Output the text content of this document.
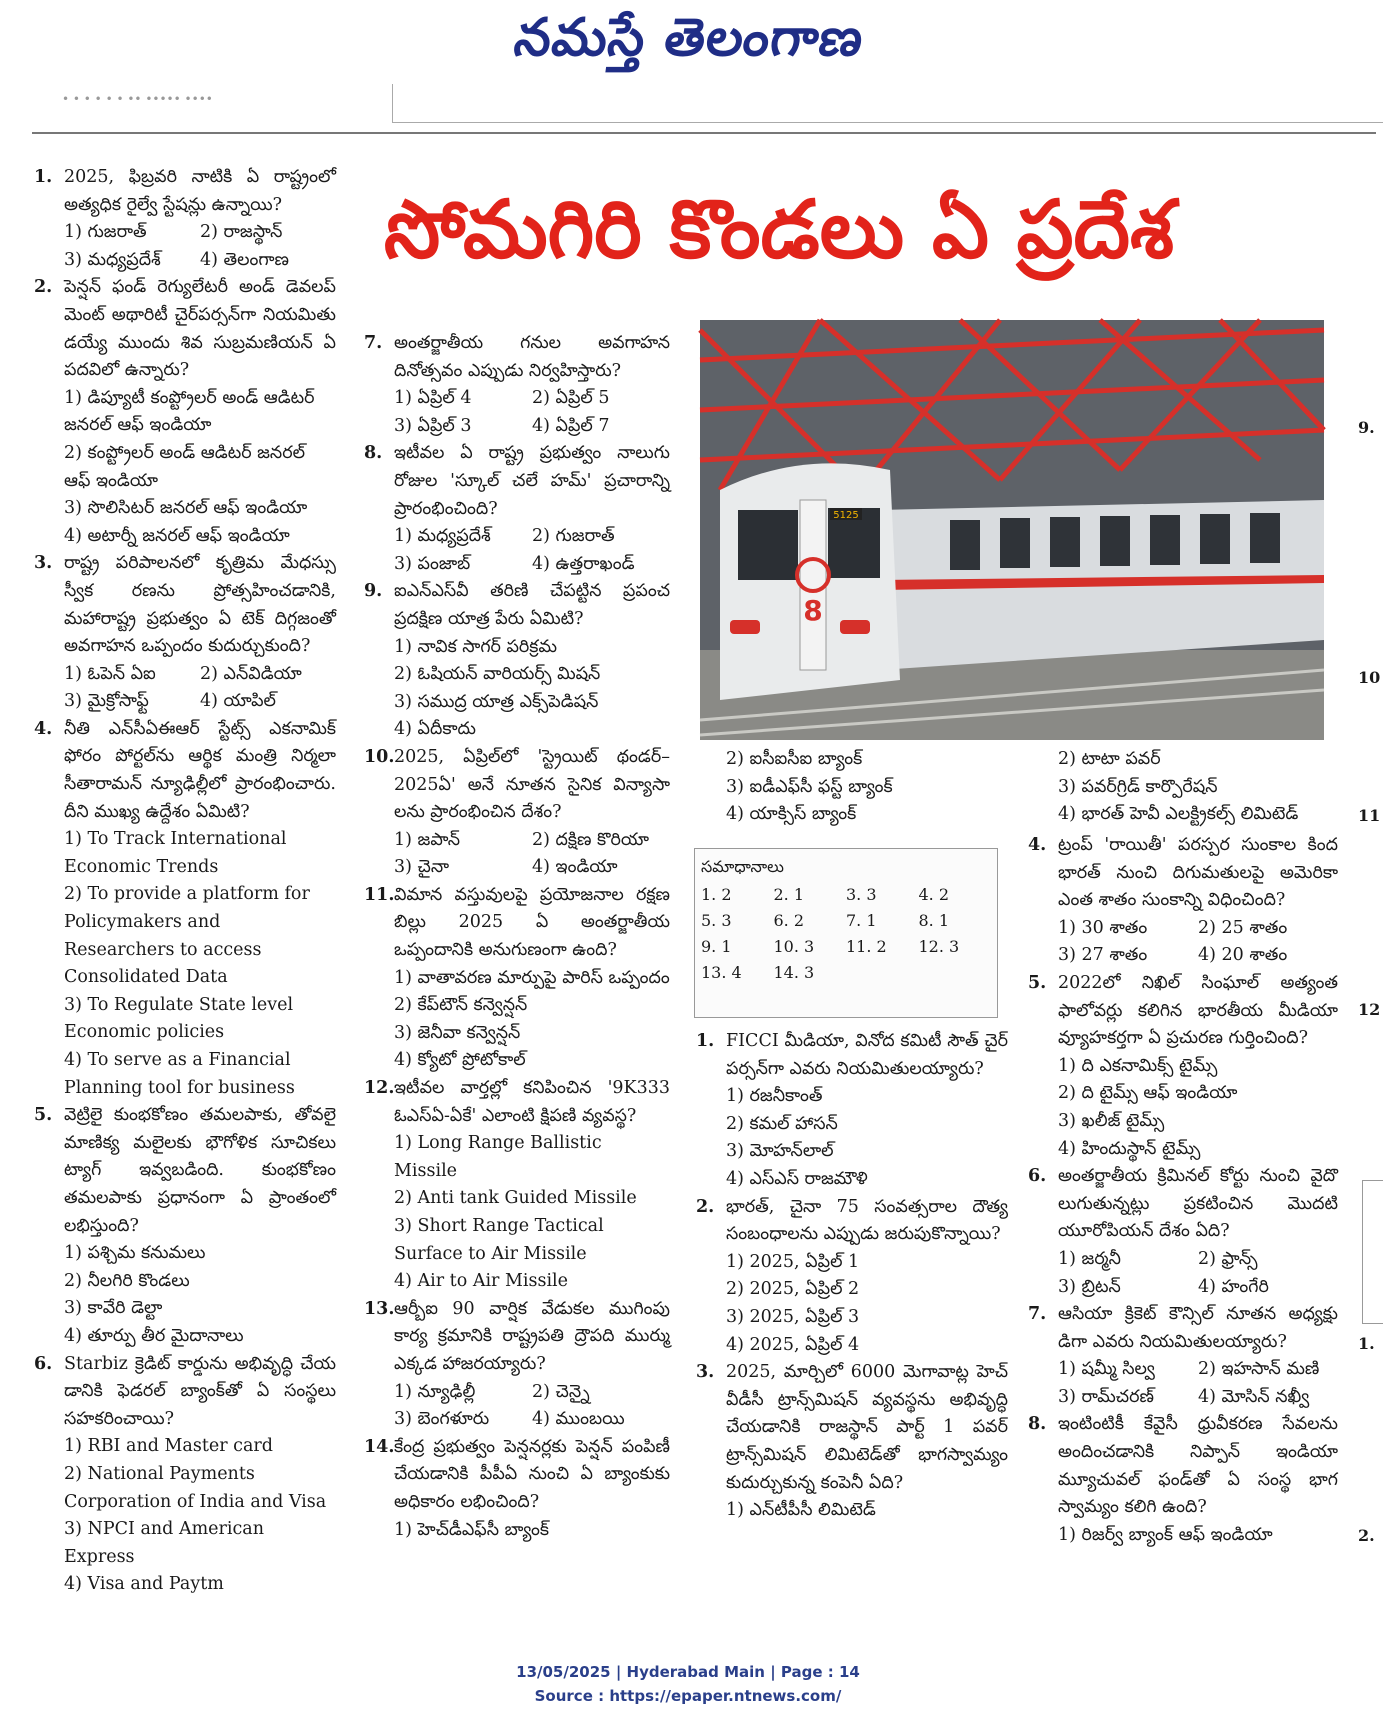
నమస్తే తెలంగాణ
• • • • • • •• ••••• ••••
సోమగిరి కొండలు ఏ ప్రదేశ
1. 2025, ఫిబ్రవరి నాటికి ఏ రాష్ట్రంలో అత్యధిక రైల్వే స్టేషన్లు ఉన్నాయి?
1) గుజరాత్	2) రాజస్థాన్
3) మధ్యప్రదేశ్	4) తెలంగాణ
2. పెన్షన్ ఫండ్ రెగ్యులేటరీ అండ్ డెవలప్ మెంట్ అథారిటీ చైర్‌పర్సన్‌గా నియమితు డయ్యే ముందు శివ సుబ్రమణియన్ ఏ పదవిలో ఉన్నారు?
1) డిప్యూటీ కంప్ట్రోలర్ అండ్ ఆడిటర్ జనరల్ ఆఫ్ ఇండియా
2) కంప్ట్రోలర్ అండ్ ఆడిటర్ జనరల్ ఆఫ్ ఇండియా
3) సొలిసిటర్ జనరల్ ఆఫ్ ఇండియా
4) అటార్నీ జనరల్ ఆఫ్ ఇండియా
3. రాష్ట్ర పరిపాలనలో కృత్రిమ మేధస్సు స్వీక రణను ప్రోత్సహించడానికి, మహారాష్ట్ర ప్రభుత్వం ఏ టెక్ దిగ్గజంతో అవగాహన ఒప్పందం కుదుర్చుకుంది?
1) ఓపెన్ ఏఐ	2) ఎన్‌విడియా
3) మైక్రోసాఫ్ట్	4) యాపిల్
4. నీతి ఎన్‌సీఏఈఆర్ స్టేట్స్ ఎకనామిక్ ఫోరం పోర్టల్‌ను ఆర్థిక మంత్రి నిర్మలా సీతారామన్ న్యూఢిల్లీలో ప్రారంభించారు. దీని ముఖ్య ఉద్దేశం ఏమిటి?
1) To Track International Economic Trends
2) To provide a platform for Policymakers and Researchers to access Consolidated Data
3) To Regulate State level Economic policies
4) To serve as a Financial Planning tool for business
5. వెట్రిలై కుంభకోణం తమలపాకు, తోవలై మాణిక్య మలైలకు భౌగోళిక సూచికలు ట్యాగ్ ఇవ్వబడింది. కుంభకోణం తమలపాకు ప్రధానంగా ఏ ప్రాంతంలో లభిస్తుంది?
1) పశ్చిమ కనుమలు
2) నీలగిరి కొండలు
3) కావేరి డెల్టా
4) తూర్పు తీర మైదానాలు
6. Starbiz క్రెడిట్ కార్డును అభివృద్ధి చేయ డానికి ఫెడరల్ బ్యాంక్‌తో ఏ సంస్థలు సహకరించాయి?
1) RBI and Master card
2) National Payments Corporation of India and Visa
3) NPCI and American Express
4) Visa and Paytm
7. అంతర్జాతీయ గనుల అవగాహన దినోత్సవం ఎప్పుడు నిర్వహిస్తారు?
1) ఏప్రిల్ 4	2) ఏప్రిల్ 5
3) ఏప్రిల్ 3	4) ఏప్రిల్ 7
8. ఇటీవల ఏ రాష్ట్ర ప్రభుత్వం నాలుగు రోజుల 'స్కూల్ చలే హమ్' ప్రచారాన్ని ప్రారంభించింది?
1) మధ్యప్రదేశ్	2) గుజరాత్
3) పంజాబ్	4) ఉత్తరాఖండ్
9. ఐఎన్ఎస్‌వీ తరిణి చేపట్టిన ప్రపంచ ప్రదక్షిణ యాత్ర పేరు ఏమిటి?
1) నావిక సాగర్ పరిక్రమ
2) ఓషియన్ వారియర్స్ మిషన్
3) సముద్ర యాత్ర ఎక్స్‌పెడిషన్
4) ఏదీకాదు
10. 2025, ఏప్రిల్‌లో 'స్ట్రెయిట్ థండర్–2025ఏ' అనే నూతన సైనిక విన్యాసా లను ప్రారంభించిన దేశం?
1) జపాన్	2) దక్షిణ కొరియా
3) చైనా	4) ఇండియా
11. విమాన వస్తువులపై ప్రయోజనాల రక్షణ బిల్లు 2025 ఏ అంతర్జాతీయ ఒప్పందానికి అనుగుణంగా ఉంది?
1) వాతావరణ మార్పుపై పారిస్ ఒప్పందం
2) కేప్‌టౌన్ కన్వెన్షన్
3) జెనీవా కన్వెన్షన్
4) క్యోటో ప్రోటోకాల్
12. ఇటీవల వార్తల్లో కనిపించిన '9K333 ఓఎస్ఏ-ఏకే' ఎలాంటి క్షిపణి వ్యవస్థ?
1) Long Range Ballistic Missile
2) Anti tank Guided Missile
3) Short Range Tactical Surface to Air Missile
4) Air to Air Missile
13. ఆర్బీఐ 90 వార్షిక వేడుకల ముగింపు కార్య క్రమానికి రాష్ట్రపతి ద్రౌపది ముర్ము ఎక్కడ హాజరయ్యారు?
1) న్యూఢిల్లీ	2) చెన్నై
3) బెంగళూరు	4) ముంబయి
14. కేంద్ర ప్రభుత్వం పెన్షనర్లకు పెన్షన్ పంపిణీ చేయడానికి పీపీఏ నుంచి ఏ బ్యాంకుకు అధికారం లభించింది?
1) హెచ్‌డీఎఫ్‌సీ బ్యాంక్
5125
8
2) ఐసీఐసీఐ బ్యాంక్
3) ఐడీఎఫ్‌సీ ఫస్ట్ బ్యాంక్
4) యాక్సిస్ బ్యాంక్
సమాధానాలు
1. 2	2. 1	3. 3	4. 2
5. 3	6. 2	7. 1	8. 1
9. 1	10. 3	11. 2	12. 3
13. 4	14. 3
1. FICCI మీడియా, వినోద కమిటీ సౌత్ చైర్ పర్సన్‌గా ఎవరు నియమితులయ్యారు?
1) రజనీకాంత్
2) కమల్ హాసన్
3) మోహన్‌లాల్
4) ఎస్ఎస్ రాజమౌళి
2. భారత్, చైనా 75 సంవత్సరాల దౌత్య సంబంధాలను ఎప్పుడు జరుపుకొన్నాయి?
1) 2025, ఏప్రిల్ 1
2) 2025, ఏప్రిల్ 2
3) 2025, ఏప్రిల్ 3
4) 2025, ఏప్రిల్ 4
3. 2025, మార్చిలో 6000 మెగావాట్ల హెచ్ వీడీసీ ట్రాన్స్‌మిషన్ వ్యవస్థను అభివృద్ధి చేయడానికి రాజస్థాన్ పార్ట్ 1 పవర్ ట్రాన్స్‌మిషన్ లిమిటెడ్‌తో భాగస్వామ్యం కుదుర్చుకున్న కంపెనీ ఏది?
1) ఎన్‌టీపీసీ లిమిటెడ్
2) టాటా పవర్
3) పవర్‌గ్రిడ్ కార్పొరేషన్
4) భారత్ హెవీ ఎలక్ట్రికల్స్ లిమిటెడ్
4. ట్రంప్ 'రాయితీ' పరస్పర సుంకాల కింద భారత్ నుంచి దిగుమతులపై అమెరికా ఎంత శాతం సుంకాన్ని విధించింది?
1) 30 శాతం	2) 25 శాతం
3) 27 శాతం	4) 20 శాతం
5. 2022లో నిఖిల్ సింఘాల్ అత్యంత ఫాలోవర్లు కలిగిన భారతీయ మీడియా వ్యూహకర్తగా ఏ ప్రచురణ గుర్తించింది?
1) ది ఎకనామిక్స్ టైమ్స్
2) ది టైమ్స్ ఆఫ్ ఇండియా
3) ఖలీజ్ టైమ్స్
4) హిందుస్థాన్ టైమ్స్
6. అంతర్జాతీయ క్రిమినల్ కోర్టు నుంచి వైదొ లుగుతున్నట్లు ప్రకటించిన మొదటి యూరోపియన్ దేశం ఏది?
1) జర్మనీ	2) ఫ్రాన్స్
3) బ్రిటన్	4) హంగేరి
7. ఆసియా క్రికెట్ కౌన్సిల్ నూతన అధ్యక్షు డిగా ఎవరు నియమితులయ్యారు?
1) షమ్మీ సిల్వ	2) ఇహసాన్ మణి
3) రామ్‌చరణ్	4) మోసిన్ నఖ్వీ
8. ఇంటింటికీ కేవైసీ ధ్రువీకరణ సేవలను అందించడానికి నిప్పాన్ ఇండియా మ్యూచువల్ ఫండ్‌తో ఏ సంస్థ భాగ స్వామ్యం కలిగి ఉంది?
1) రిజర్వ్ బ్యాంక్ ఆఫ్ ఇండియా
9.
10
11
12
1.
2.
13/05/2025 | Hyderabad Main | Page : 14
Source : https://epaper.ntnews.com/
